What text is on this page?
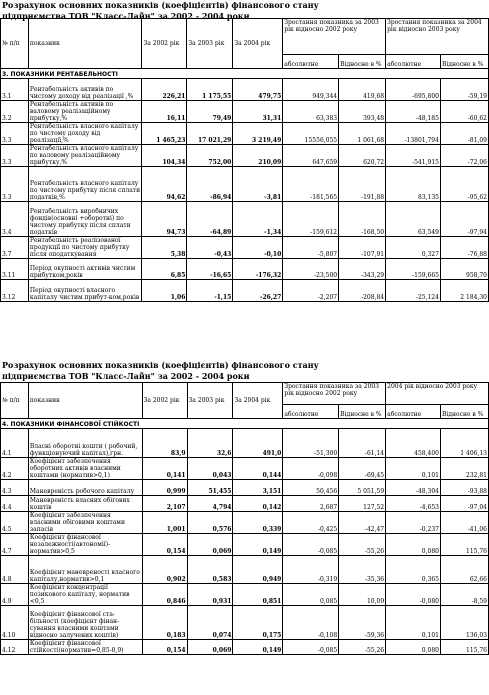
Розрахунок основних показників (коефіцієнтів) фінансового стану
підприємства ТОВ "Класс-Лайн" за 2002 - 2004 роки
№ п/п	показник	За 2002 рік	За 2003 рік	За 2004 рік	Зростання показника за 2003 рік відносно 2002 року		Зростання показника за 2004 рік відносно 2003 року	
					абсолютне	Відносне в %	абсолютне	Відносне в %
3. ПОКАЗНИКИ РЕНТАБЕЛЬНОСТІ								
3.1	Рентабельність активів по чистому доходу від реалізації ,%	226,21	1 175,55	479,75	949,344	419,68	-695,800	-59,19
3.2	Рентабельність активів по валовому реалізаційному прибутку,%	16,11	79,49	31,31	63,383	393,48	-48,185	-60,62
3.3	Рентабельність власного капіталу по чистому доходу від реалізації,%	1 465,23	17 021,29	3 219,49	15556,055	1 061,68	-13801,794	-81,09
3.3	Рентабельність власного капіталу по валовому реалізаційному прибутку,%	104,34	752,00	210,09	647,659	620,72	-541,915	-72,06
3.3	Рентабельність власного капіталу по чистому прибутку після сплати податків,%	94,62	-86,94	-3,81	-181,565	-191,88	83,135	-95,62
3.4	Рентабельність виробничих фондів(основні +оборотні) по чистому прибутку після сплати податків	94,73	-64,89	-1,34	-159,612	-168,50	63,549	-97,94
3.7	Рентабельність реалізованої продукції по чистому прибутку після оподаткування	5,38	-0,43	-0,10	-5,807	-107,91	0,327	-76,88
3.11	Період окупності активів чистим прибутком,років	6,85	-16,65	-176,32	-23,500	-343,29	-159,665	958,70
3.12	Період окупності власного капіталу чистим прибут-ком,років	1,06	-1,15	-26,27	-2,207	-208,84	-25,124	2 184,30
Розрахунок основних показників (коефіцієнтів) фінансового стану
підприємства ТОВ "Класс-Лайн" за 2002 - 2004 роки
№ п/п	показник	За 2002 рік	За 2003 рік	За 2004 рік	Зростання показника за 2003 рік відносно 2002 року		2004 рік відносно 2003 року	
					абсолютне	Відносне в %	абсолютне	Відносне в %
4. ПОКАЗНИКИ ФІНАНСОВОЇ СТІЙКОСТІ								
4.1	Власні оборотні кошти ( робочий, функціонуючий капітал),грн.	83,9	32,6	491,0	-51,300	-61,14	458,400	1 406,13
4.2	Коефіцієнт забезпечення оборотних активів власними коштами (норматив>0,1)	0,141	0,043	0,144	-0,098	-69,45	0,101	232,81
4.3	Маневреність робочого капіталу	0,999	51,455	3,151	50,456	5 051,59	-48,304	-93,88
4.4	Маневреність власних обігових коштів	2,107	4,794	0,142	2,687	127,52	-4,653	-97,04
4.5	Коефіцієнт забезпечення власними обіговими коштами запасів	1,001	0,576	0,339	-0,425	-42,47	-0,237	-41,06
4.7	Коефіцієнт фінансової незалежності(автономії)- норматив>0,5	0,154	0,069	0,149	-0,085	-55,26	0,080	115,76
4.8	Коефіцієнт маневреності власного капіталу,норматив>0,1	0,902	0,583	0,949	-0,319	-35,36	0,365	62,66
4.9	Коефіцієнт концентрації позикового капіталу, норматив <0,5	0,846	0,931	0,851	0,085	10,09	-0,080	-8,59
4.10	Коефіцієнт фінансової ста-більності (коефіцієнт фінан-сування власними коштами відносно залучених коштів)	0,183	0,074	0,175	-0,108	-59,36	0,101	136,03
4.12	Коефіцієнт фінансової стійкості(норматив=0,85-0,9)	0,154	0,069	0,149	-0,085	-55,26	0,080	115,76
